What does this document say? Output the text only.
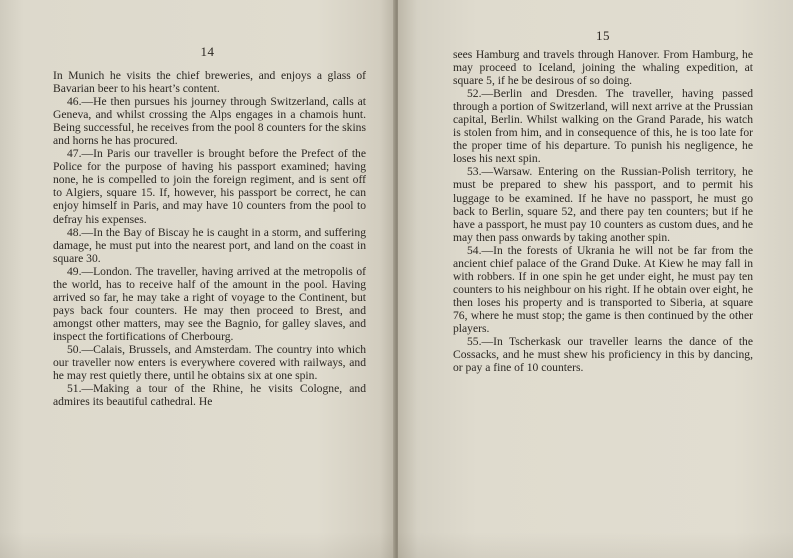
14

In Munich he visits the chief breweries, and enjoys a glass of Bavarian beer to his heart’s content.

46.—He then pursues his journey through Switzerland, calls at Geneva, and whilst crossing the Alps engages in a chamois hunt. Being successful, he receives from the pool 8 counters for the skins and horns he has procured.

47.—In Paris our traveller is brought before the Prefect of the Police for the purpose of having his passport examined; having none, he is compelled to join the foreign regiment, and is sent off to Algiers, square 15. If, however, his passport be correct, he can enjoy himself in Paris, and may have 10 counters from the pool to defray his expenses.

48.—In the Bay of Biscay he is caught in a storm, and suffering damage, he must put into the nearest port, and land on the coast in square 30.

49.—London. The traveller, having arrived at the metropolis of the world, has to receive half of the amount in the pool. Having arrived so far, he may take a right of voyage to the Continent, but pays back four counters. He may then proceed to Brest, and amongst other matters, may see the Bagnio, for galley slaves, and inspect the fortifications of Cherbourg.

50.—Calais, Brussels, and Amsterdam. The country into which our traveller now enters is everywhere covered with railways, and he may rest quietly there, until he obtains six at one spin.

51.—Making a tour of the Rhine, he visits Cologne, and admires its beautiful cathedral. He

15

sees Hamburg and travels through Hanover. From Hamburg, he may proceed to Iceland, joining the whaling expedition, at square 5, if he be desirous of so doing.

52.—Berlin and Dresden. The traveller, having passed through a portion of Switzerland, will next arrive at the Prussian capital, Berlin. Whilst walking on the Grand Parade, his watch is stolen from him, and in consequence of this, he is too late for the proper time of his departure. To punish his negligence, he loses his next spin.

53.—Warsaw. Entering on the Russian-Polish territory, he must be prepared to shew his passport, and to permit his luggage to be examined. If he have no passport, he must go back to Berlin, square 52, and there pay ten counters; but if he have a passport, he must pay 10 counters as custom dues, and he may then pass onwards by taking another spin.

54.—In the forests of Ukrania he will not be far from the ancient chief palace of the Grand Duke. At Kiew he may fall in with robbers. If in one spin he get under eight, he must pay ten counters to his neighbour on his right. If he obtain over eight, he then loses his property and is transported to Siberia, at square 76, where he must stop; the game is then continued by the other players.

55.—In Tscherkask our traveller learns the dance of the Cossacks, and he must shew his proficiency in this by dancing, or pay a fine of 10 counters.
